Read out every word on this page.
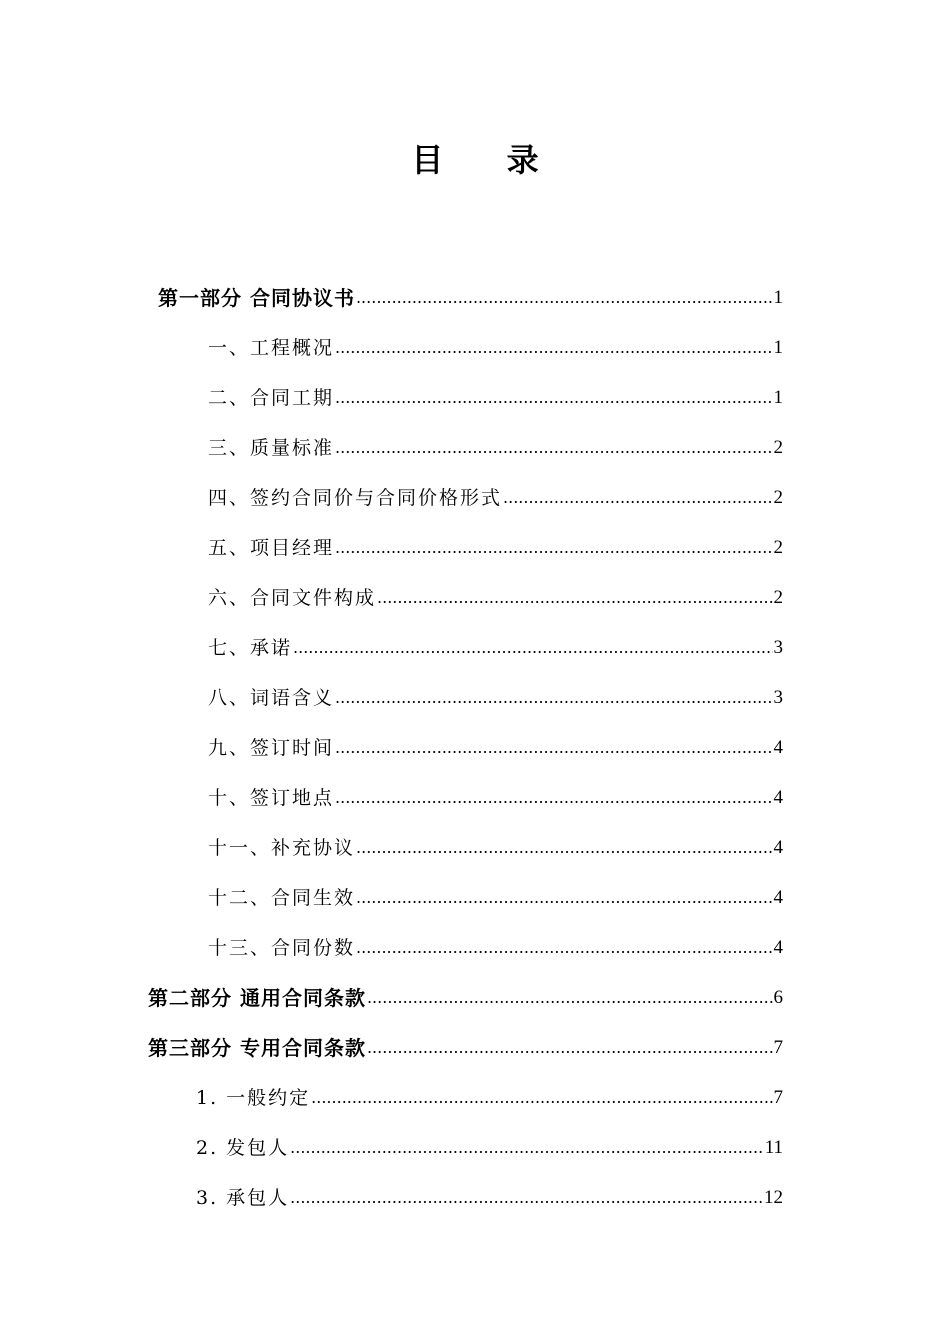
目 录
第一部分 合同协议书 .....	1
一、工程概况 .....	1
二、合同工期 .....	1
三、质量标准 .....	2
四、签约合同价与合同价格形式 .....	2
五、项目经理 .....	2
六、合同文件构成 .....	2
七、承诺 .....	3
八、词语含义 .....	3
九、签订时间 .....	4
十、签订地点 .....	4
十一、补充协议 .....	4
十二、合同生效 .....	4
十三、合同份数 .....	4
第二部分 通用合同条款 .....	6
第三部分 专用合同条款 .....	7
1. 一般约定 .....	7
2. 发包人 .....	11
3. 承包人 .....	12
